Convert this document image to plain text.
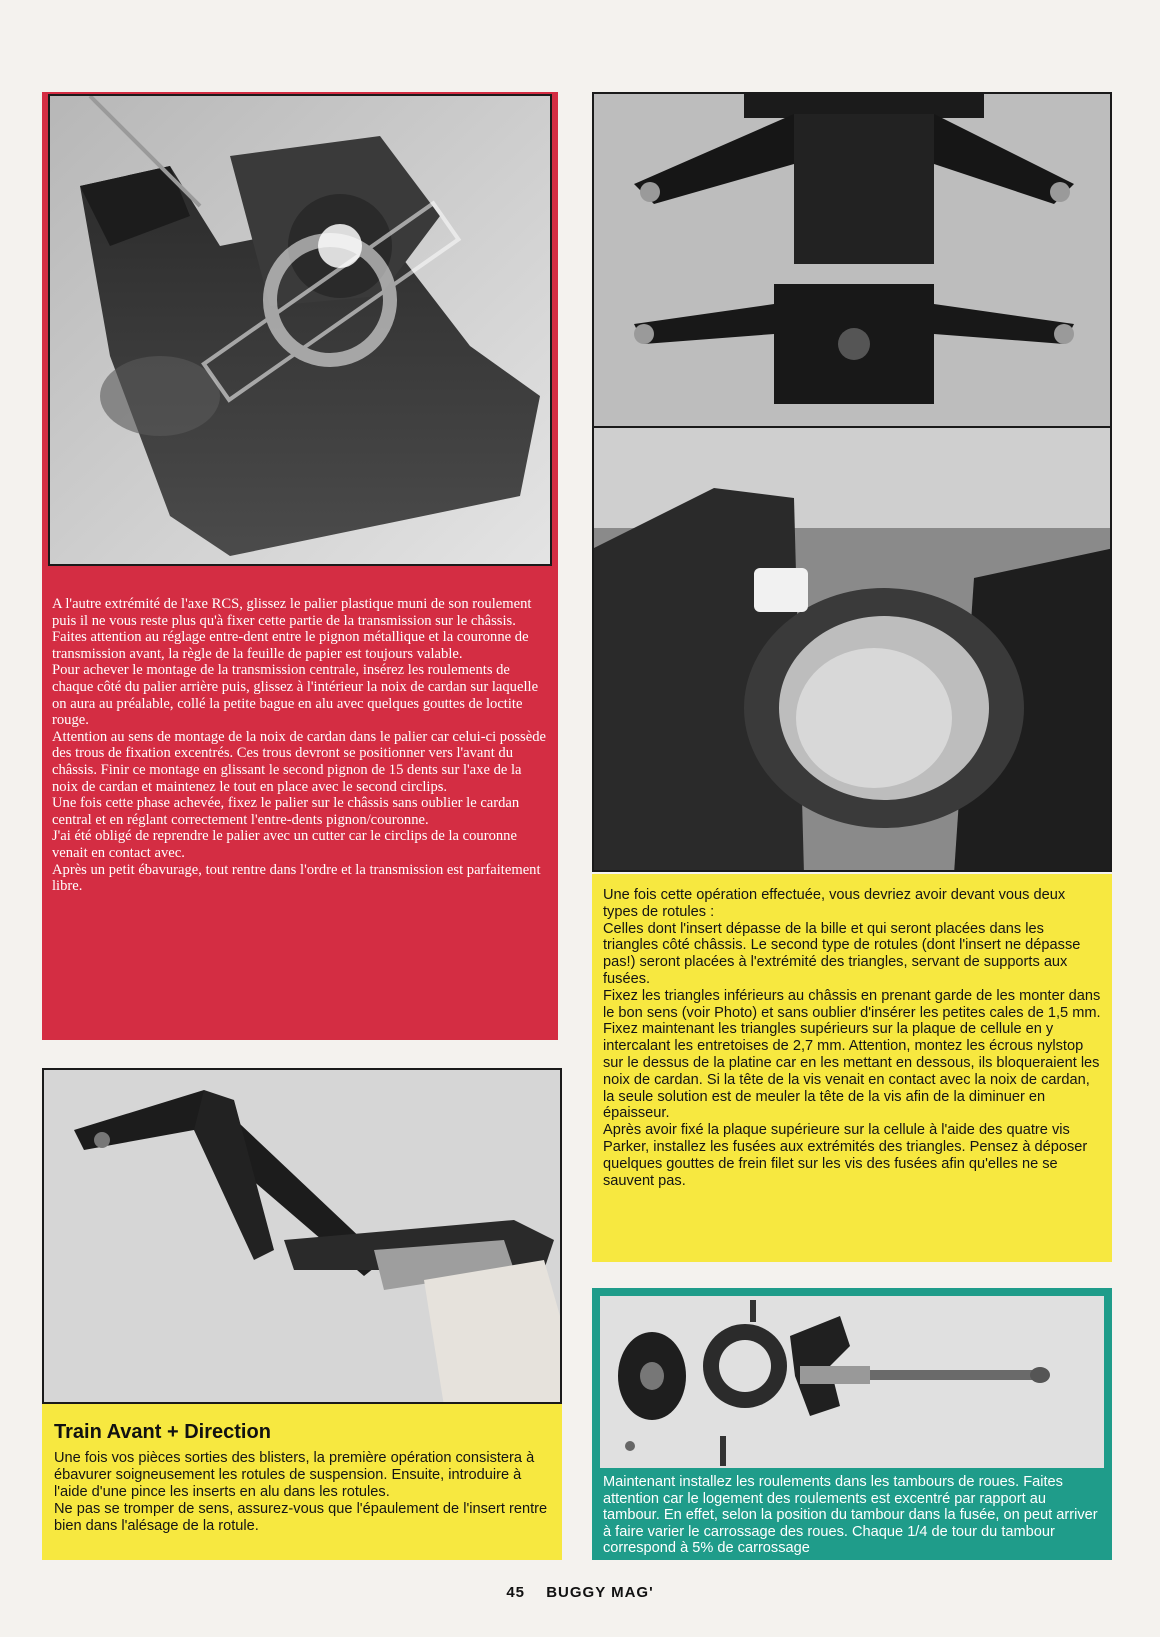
A l'autre extrémité de l'axe RCS, glissez le palier plastique muni de son roulement puis il ne vous reste plus qu'à fixer cette partie de la transmission sur le châssis. Faites attention au réglage entre-dent entre le pignon métallique et la couronne de transmission avant, la règle de la feuille de papier est toujours valable.

Pour achever le montage de la transmission centrale, insérez les roulements de chaque côté du palier arrière puis, glissez à l'intérieur la noix de cardan sur laquelle on aura au préalable, collé la petite bague en alu avec quelques gouttes de loctite rouge.

Attention au sens de montage de la noix de cardan dans le palier car celui-ci possède des trous de fixation excentrés. Ces trous devront se positionner vers l'avant du châssis. Finir ce montage en glissant le second pignon de 15 dents sur l'axe de la noix de cardan et maintenez le tout en place avec le second circlips.

Une fois cette phase achevée, fixez le palier sur le châssis sans oublier le cardan central et en réglant correctement l'entre-dents pignon/couronne.

J'ai été obligé de reprendre le palier avec un cutter car le circlips de la couronne venait en contact avec.

Après un petit ébavurage, tout rentre dans l'ordre et la transmission est parfaitement libre.

Une fois cette opération effectuée, vous devriez avoir devant vous deux types de rotules :

Celles dont l'insert dépasse de la bille et qui seront placées dans les triangles côté châssis. Le second type de rotules (dont l'insert ne dépasse pas!) seront placées à l'extrémité des triangles, servant de supports aux fusées.

Fixez les triangles inférieurs au châssis en prenant garde de les monter dans le bon sens (voir Photo) et sans oublier d'insérer les petites cales de 1,5 mm.

Fixez maintenant les triangles supérieurs sur la plaque de cellule en y intercalant les entretoises de 2,7 mm. Attention, montez les écrous nylstop sur le dessus de la platine car en les mettant en dessous, ils bloqueraient les noix de cardan. Si la tête de la vis venait en contact avec la noix de cardan, la seule solution est de meuler la tête de la vis afin de la diminuer en épaisseur.

Après avoir fixé la plaque supérieure sur la cellule à l'aide des quatre vis Parker, installez les fusées aux extrémités des triangles. Pensez à déposer quelques gouttes de frein filet sur les vis des fusées afin qu'elles ne se sauvent pas.

Train Avant + Direction

Une fois vos pièces sorties des blisters, la première opération consistera à ébavurer soigneusement les rotules de suspension. Ensuite, introduire à l'aide d'une pince les inserts en alu dans les rotules.

Ne pas se tromper de sens, assurez-vous que l'épaulement de l'insert rentre bien dans l'alésage de la rotule.

Maintenant installez les roulements dans les tambours de roues. Faites attention car le logement des roulements est excentré par rapport au tambour. En effet, selon la position du tambour dans la fusée, on peut arriver à faire varier le carrossage des roues. Chaque 1/4 de tour du tambour correspond à 5% de carrossage

45 BUGGY MAG'
